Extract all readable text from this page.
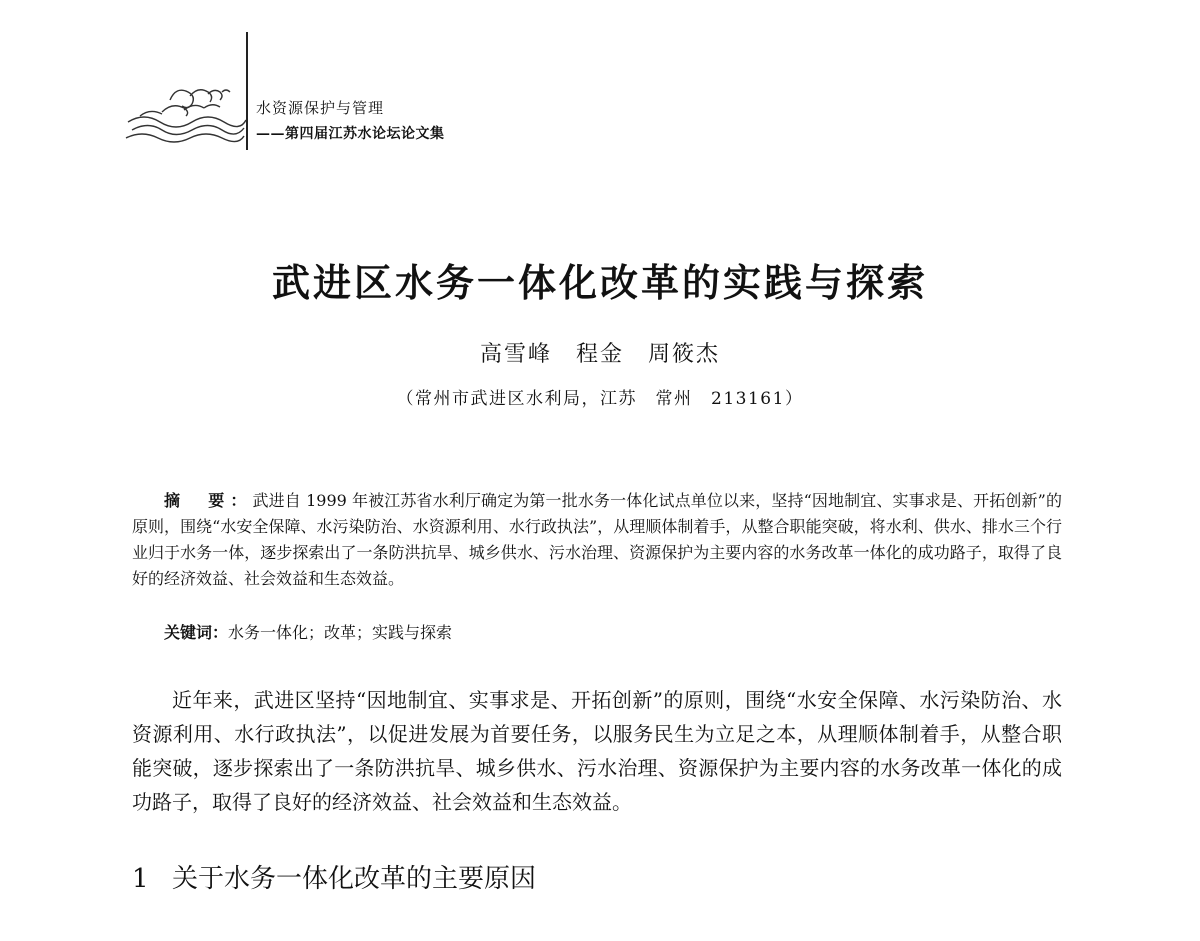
水资源保护与管理
——第四届江苏水论坛论文集
武进区水务一体化改革的实践与探索
高雪峰　程金　周筱杰
（常州市武进区水利局，江苏　常州　213161）

摘　要：武进自 1999 年被江苏省水利厅确定为第一批水务一体化试点单位以来，坚持“因地制宜、实事求是、开拓创新”的原则，围绕“水安全保障、水污染防治、水资源利用、水行政执法”，从理顺体制着手，从整合职能突破，将水利、供水、排水三个行业归于水务一体，逐步探索出了一条防洪抗旱、城乡供水、污水治理、资源保护为主要内容的水务改革一体化的成功路子，取得了良好的经济效益、社会效益和生态效益。

关键词：水务一体化；改革；实践与探索

近年来，武进区坚持“因地制宜、实事求是、开拓创新”的原则，围绕“水安全保障、水污染防治、水资源利用、水行政执法”，以促进发展为首要任务，以服务民生为立足之本，从理顺体制着手，从整合职能突破，逐步探索出了一条防洪抗旱、城乡供水、污水治理、资源保护为主要内容的水务改革一体化的成功路子，取得了良好的经济效益、社会效益和生态效益。

1 关于水务一体化改革的主要原因
